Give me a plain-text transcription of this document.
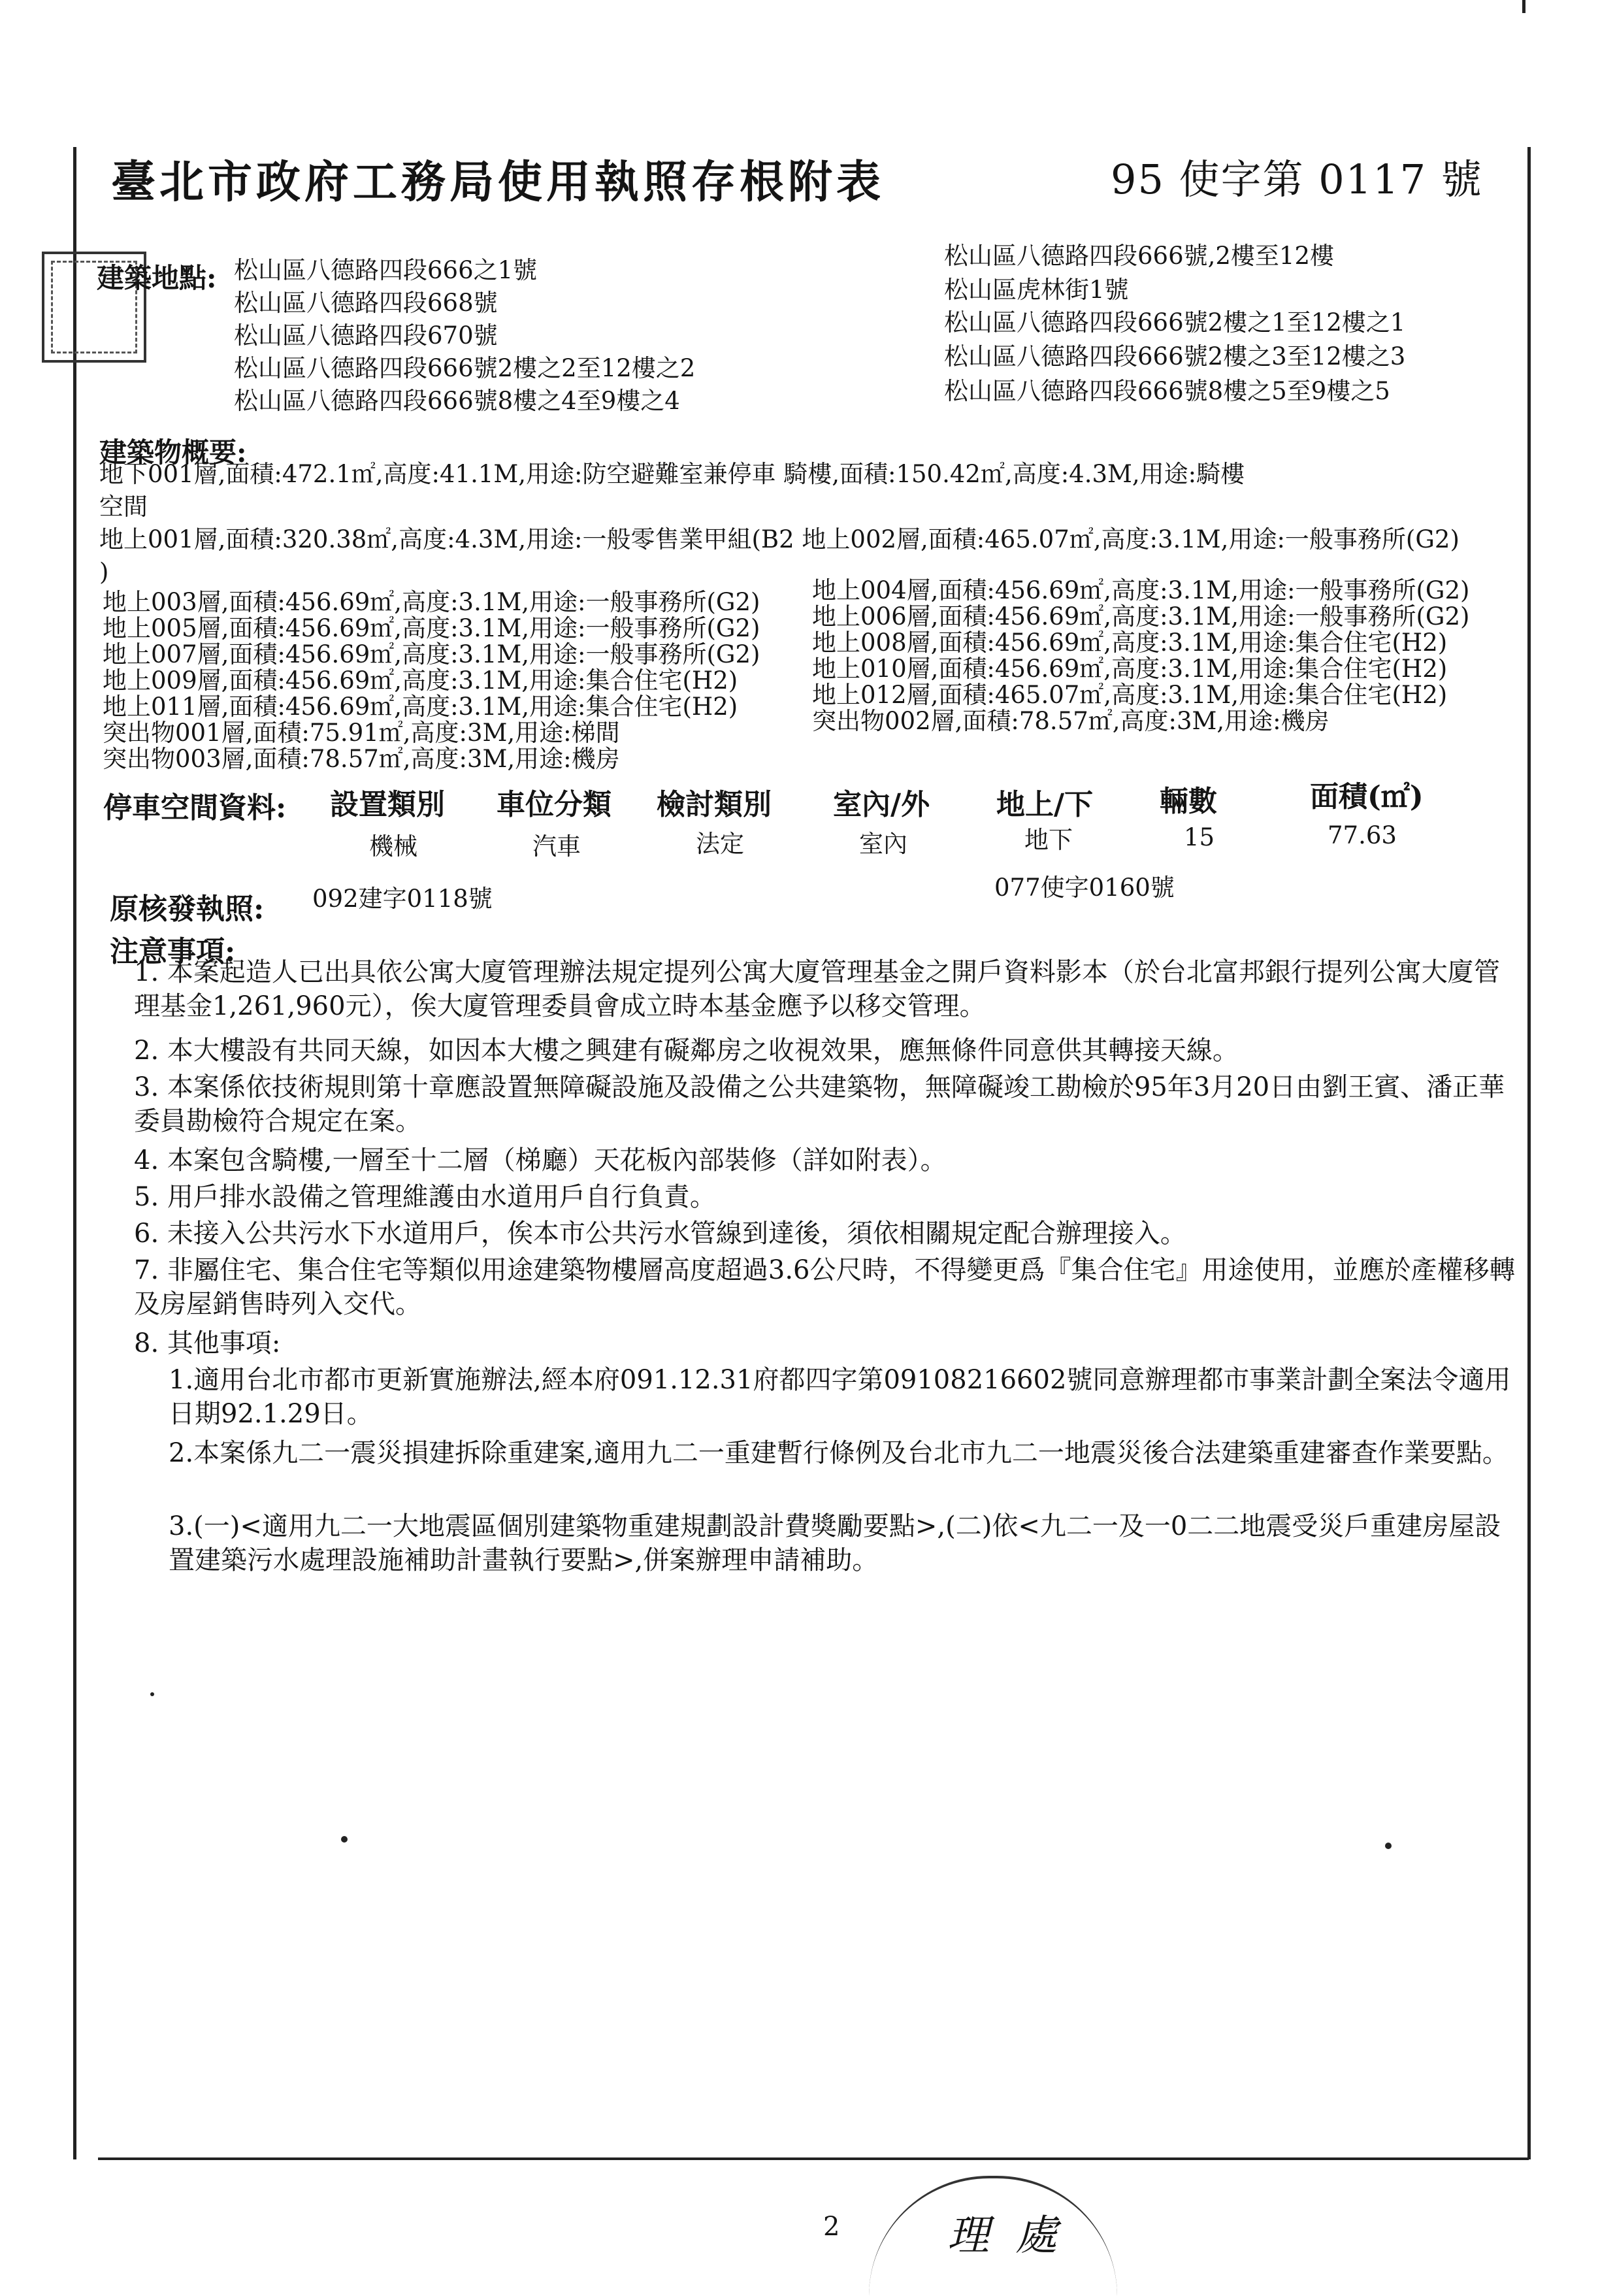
臺北市政府工務局使用執照存根附表	95 使字第 0117 號
建築地點: 松山區八德路四段666之1號
松山區八德路四段668號
松山區八德路四段670號
松山區八德路四段666號2樓之2至12樓之2
松山區八德路四段666號8樓之4至9樓之4
松山區八德路四段666號,2樓至12樓
松山區虎林街1號
松山區八德路四段666號2樓之1至12樓之1
松山區八德路四段666號2樓之3至12樓之3
松山區八德路四段666號8樓之5至9樓之5
建築物概要:
地下001層,面積:472.1㎡,高度:41.1M,用途:防空避難室兼停車 騎樓,面積:150.42㎡,高度:4.3M,用途:騎樓
空間
地上001層,面積:320.38㎡,高度:4.3M,用途:一般零售業甲組(B2 地上002層,面積:465.07㎡,高度:3.1M,用途:一般事務所(G2)
)
地上003層,面積:456.69㎡,高度:3.1M,用途:一般事務所(G2)
地上005層,面積:456.69㎡,高度:3.1M,用途:一般事務所(G2)
地上007層,面積:456.69㎡,高度:3.1M,用途:一般事務所(G2)
地上009層,面積:456.69㎡,高度:3.1M,用途:集合住宅(H2)
地上011層,面積:456.69㎡,高度:3.1M,用途:集合住宅(H2)
突出物001層,面積:75.91㎡,高度:3M,用途:梯間
突出物003層,面積:78.57㎡,高度:3M,用途:機房
地上004層,面積:456.69㎡,高度:3.1M,用途:一般事務所(G2)
地上006層,面積:456.69㎡,高度:3.1M,用途:一般事務所(G2)
地上008層,面積:456.69㎡,高度:3.1M,用途:集合住宅(H2)
地上010層,面積:456.69㎡,高度:3.1M,用途:集合住宅(H2)
地上012層,面積:465.07㎡,高度:3.1M,用途:集合住宅(H2)
突出物002層,面積:78.57㎡,高度:3M,用途:機房
停車空間資料: 設置類別 車位分類 檢討類別 室內/外 地上/下 輛數	面積(㎡)
機械	汽車	法定	室內	地下	15	77.63
原核發執照: 092建字0118號	077使字0160號
注意事項:
1. 本案起造人已出具依公寓大廈管理辦法規定提列公寓大廈管理基金之開戶資料影本（於台北富邦銀行提列公寓大廈管理基金1,261,960元），俟大廈管理委員會成立時本基金應予以移交管理。
2. 本大樓設有共同天線，如因本大樓之興建有礙鄰房之收視效果，應無條件同意供其轉接天線。
3. 本案係依技術規則第十章應設置無障礙設施及設備之公共建築物，無障礙竣工勘檢於95年3月20日由劉王賓、潘正華委員勘檢符合規定在案。
4. 本案包含騎樓,一層至十二層（梯廳）天花板內部裝修（詳如附表）。
5. 用戶排水設備之管理維護由水道用戶自行負責。
6. 未接入公共污水下水道用戶，俟本市公共污水管線到達後，須依相關規定配合辦理接入。
7. 非屬住宅、集合住宅等類似用途建築物樓層高度超過3.6公尺時，不得變更爲『集合住宅』用途使用，並應於產權移轉及房屋銷售時列入交代。
8. 其他事項:
1.適用台北市都市更新實施辦法,經本府091.12.31府都四字第09108216602號同意辦理都市事業計劃全案法令適用日期92.1.29日。
2.本案係九二一震災損建拆除重建案,適用九二一重建暫行條例及台北市九二一地震災後合法建築重建審查作業要點。
3.(一)<適用九二一大地震區個別建築物重建規劃設計費獎勵要點>,(二)依<九二一及一0二二地震受災戶重建房屋設置建築污水處理設施補助計畫執行要點>,併案辦理申請補助。
2	理處
